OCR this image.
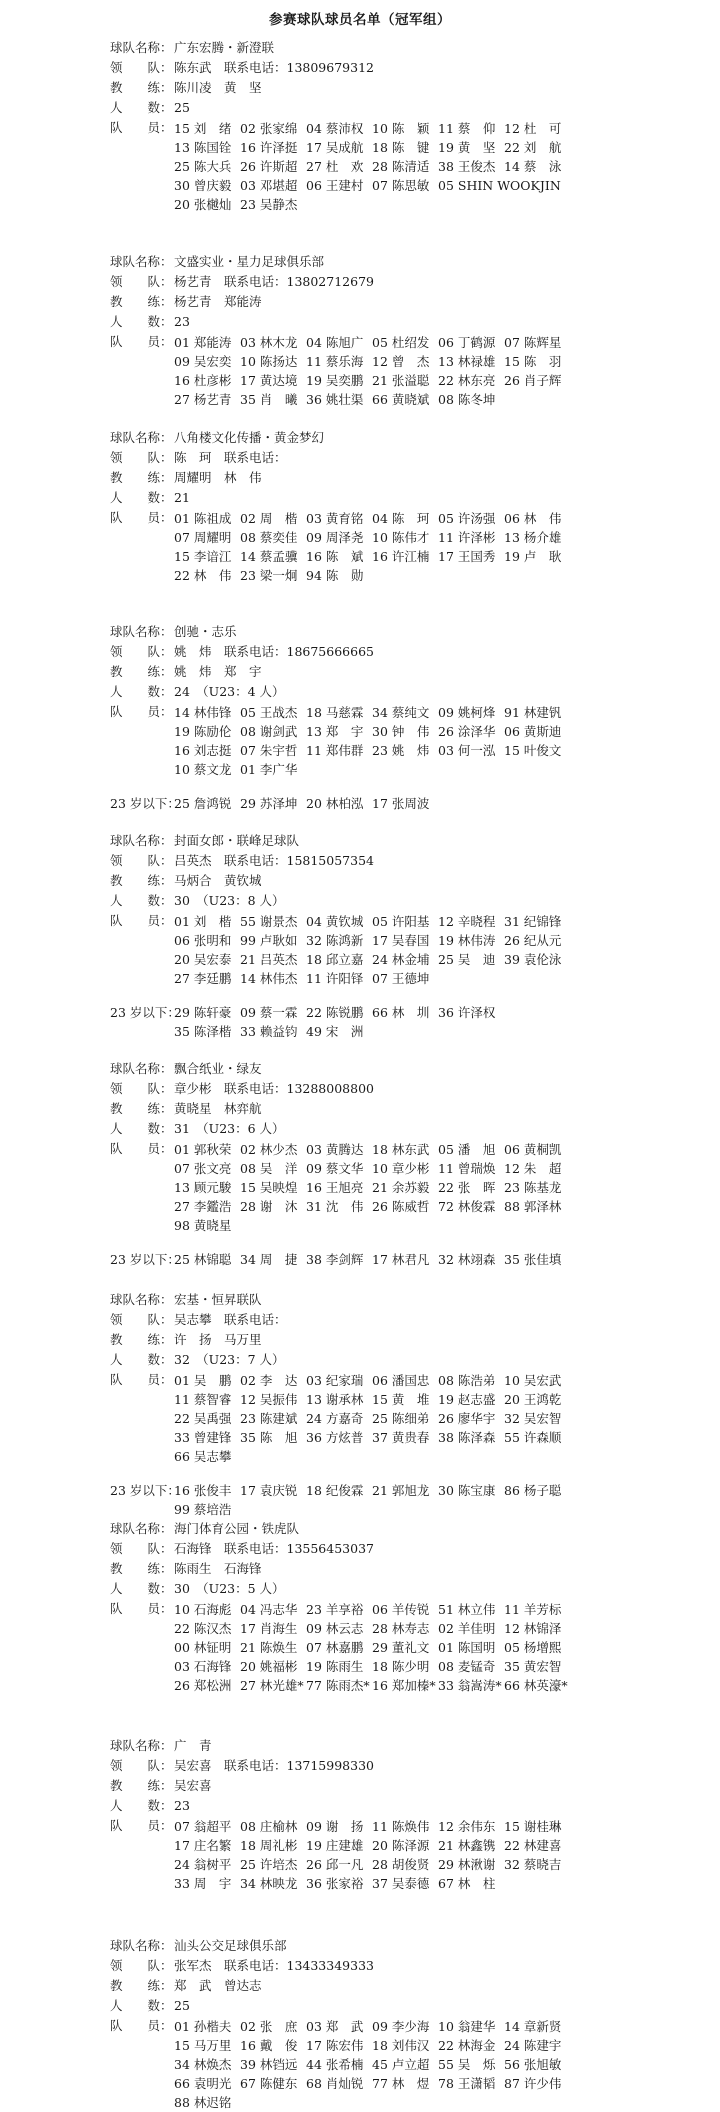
参赛球队球员名单（冠军组）
球队名称：广东宏腾・新澄联
领　　队：陈东武　联系电话：13809679312
教　　练：陈川凌　黄　坚
人　　数：25
队　　员： 15 刘　绪 02 张家绵 04 蔡沛权 10 陈　颖 11 蔡　仰 12 杜　可
13 陈国铨 16 许泽挺 17 吴成航 18 陈　键 19 黄　坚 22 刘　航
25 陈大兵 26 许斯超 27 杜　欢 28 陈清适 38 王俊杰 14 蔡　泳
30 曾庆毅 03 邓堪超 06 王建村 07 陈思敏 05 SHIN WOOKJIN
20 张樾灿 23 吴静杰
球队名称：文盛实业・星力足球俱乐部
领　　队：杨艺青　联系电话：13802712679
教　　练：杨艺青　郑能涛
人　　数：23
队　　员： 01 郑能涛 03 林木龙 04 陈旭广 05 杜绍发 06 丁鹤源 07 陈辉星
09 吴宏奕 10 陈扬达 11 蔡乐海 12 曾　杰 13 林禄雄 15 陈　羽
16 杜彦彬 17 黄达境 19 吴奕鹏 21 张溢聪 22 林东亮 26 肖子辉
27 杨艺青 35 肖　曦 36 姚壮渠 66 黄晓斌 08 陈冬坤
球队名称：八角楼文化传播・黄金梦幻
领　　队：陈　珂　联系电话：
教　　练：周耀明　林　伟
人　　数：21
队　　员： 01 陈祖成 02 周　楷 03 黄育铭 04 陈　珂 05 许汤强 06 林　伟
07 周耀明 08 蔡奕佳 09 周泽尧 10 陈伟才 11 许泽彬 13 杨介雄
15 李谙江 14 蔡孟骥 16 陈　斌 16 许江楠 17 王国秀 19 卢　耿
22 林　伟 23 梁一炯 94 陈　勋
球队名称：创驰・志乐
领　　队：姚　炜　联系电话：18675666665
教　　练：姚　炜　郑　宇
人　　数：24　（U23：4 人）
队　　员： 14 林伟锋 05 王战杰 18 马慈霖 34 蔡纯文 09 姚柯烽 91 林建钒
19 陈励伦 08 谢剑武 13 郑　宇 30 钟　伟 26 涂泽华 06 黄斯迪
16 刘志挺 07 朱宇哲 11 郑伟群 23 姚　炜 03 何一泓 15 叶俊文
10 蔡文龙 01 李广华
23 岁以下：25 詹鸿锐 29 苏泽坤 20 林柏泓 17 张周波
球队名称：封面女郎・联峰足球队
领　　队：吕英杰　联系电话：15815057354
教　　练：马炳合　黄钦城
人　　数：30　（U23：8 人）
队　　员： 01 刘　楷 55 谢景杰 04 黄钦城 05 许阳基 12 辛晓程 31 纪锦锋
06 张明和 99 卢耿如 32 陈鸿新 17 吴春国 19 林伟涛 26 纪从元
20 吴宏泰 21 吕英杰 18 邱立嘉 24 林金埔 25 吴　迪 39 袁伦泳
27 李廷鹏 14 林伟杰 11 许阳铎 07 王德坤
23 岁以下：29 陈轩豪 09 蔡一霖 22 陈锐鹏 66 林　圳 36 许泽权
35 陈泽楷 33 赖益钧 49 宋　洲
球队名称：飘合纸业・绿友
领　　队：章少彬　联系电话：13288008800
教　　练：黄晓星　林弈航
人　　数：31　（U23：6 人）
队　　员： 01 郭秋荣 02 林少杰 03 黄腾达 18 林东武 05 潘　旭 06 黄桐凯
07 张文亮 08 吴　洋 09 蔡文华 10 章少彬 11 曾瑞焕 12 朱　超
13 顾元駿 15 吴映煌 16 王旭亮 21 余苏毅 22 张　晖 23 陈基龙
27 李鑑浩 28 谢　沐 31 沈　伟 26 陈威哲 72 林俊霖 88 郭泽林
98 黄晓星
23 岁以下：25 林锦聪 34 周　捷 38 李剑辉 17 林君凡 32 林翊森 35 张佳填
球队名称：宏基・恒昇联队
领　　队：吴志攀　联系电话：
教　　练：许　扬　马万里
人　　数：32　（U23：7 人）
队　　员： 01 吴　鹏 02 李　达 03 纪家瑞 06 潘国忠 08 陈浩弟 10 吴宏武
11 蔡智睿 12 吴振伟 13 谢承林 15 黄　堆 19 赵志盛 20 王鸿乾
22 吴禹强 23 陈建斌 24 方嘉奇 25 陈细弟 26 廖华宇 32 吴宏智
33 曾建锋 35 陈　旭 36 方炫普 37 黄贵春 38 陈泽森 55 许森顺
66 吴志攀
23 岁以下：16 张俊丰 17 袁庆锐 18 纪俊霖 21 郭旭龙 30 陈宝康 86 杨子聪
99 蔡培浩
球队名称：海门体育公园・铁虎队
领　　队：石海锋　联系电话：13556453037
教　　练：陈雨生　石海锋
人　　数：30　（U23：5 人）
队　　员： 10 石海彪 04 冯志华 23 羊享裕 06 羊传锐 51 林立伟 11 羊芳标
22 陈汉杰 17 肖海生 09 林云志 28 林寿志 02 羊佳明 12 林锦泽
00 林钲明 21 陈焕生 07 林嘉鹏 29 董礼文 01 陈国明 05 杨增熙
03 石海锋 20 姚福彬 19 陈雨生 18 陈少明 08 麦锰奇 35 黄宏智
26 郑松洲 27 林光雄* 77 陈雨杰* 16 郑加榛* 33 翁嵩涛* 66 林英濠*
球队名称：广　青
领　　队：吴宏喜　联系电话：13715998330
教　　练：吴宏喜
人　　数：23
队　　员： 07 翁超平 08 庄榆林 09 谢　扬 11 陈焕伟 12 余伟东 15 谢桂琳
17 庄名繁 18 周礼彬 19 庄建雄 20 陈泽源 21 林鑫镌 22 林建喜
24 翁树平 25 许培杰 26 邱一凡 28 胡俊贤 29 林湫谢 32 蔡晓吉
33 周　宇 34 林映龙 36 张家裕 37 吴泰德 67 林　柱
球队名称：汕头公交足球俱乐部
领　　队：张军杰　联系电话：13433349333
教　　练：郑　武　曾达志
人　　数：25
队　　员： 01 孙楷夫 02 张　庶 03 郑　武 09 李少海 10 翁建华 14 章新贤
15 马万里 16 戴　俊 17 陈宏伟 18 刘伟汉 22 林海金 24 陈建宇
34 林焕杰 39 林铛远 44 张希楠 45 卢立超 55 吴　烁 56 张旭敏
66 袁明光 67 陈健东 68 肖灿锐 77 林　煜 78 王潇韬 87 许少伟
88 林迟铭
